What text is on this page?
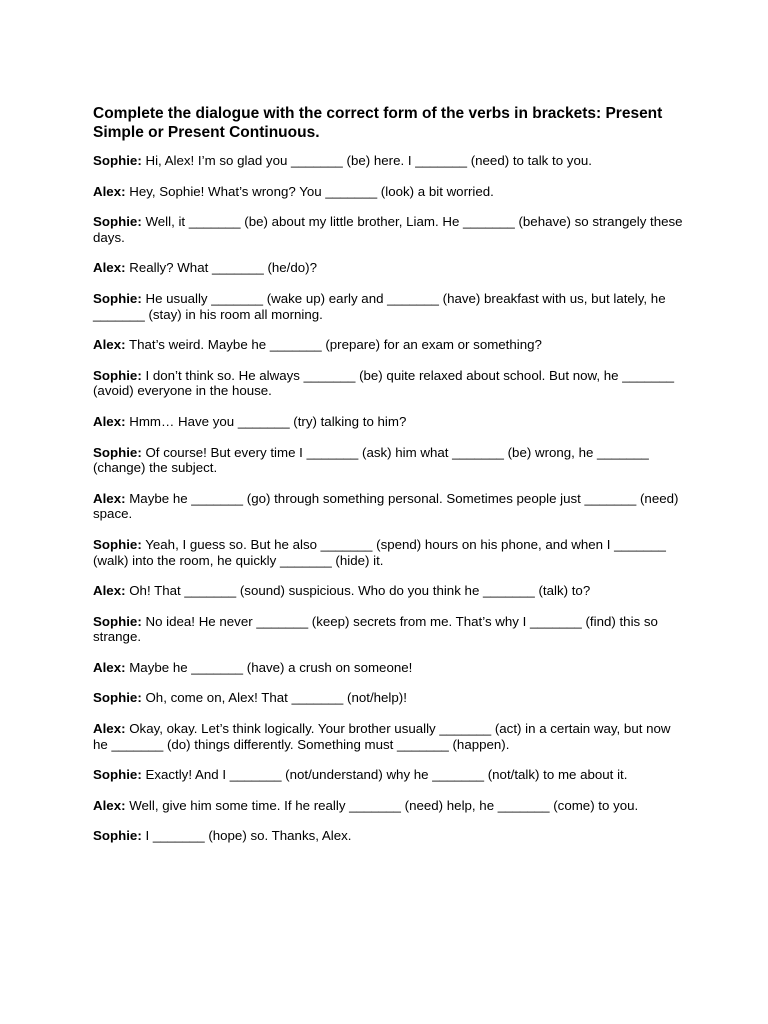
Complete the dialogue with the correct form of the verbs in brackets: Present Simple or Present Continuous.

Sophie: Hi, Alex! I’m so glad you _______ (be) here. I _______ (need) to talk to you.

Alex: Hey, Sophie! What’s wrong? You _______ (look) a bit worried.

Sophie: Well, it _______ (be) about my little brother, Liam. He _______ (behave) so strangely these days.

Alex: Really? What _______ (he/do)?

Sophie: He usually _______ (wake up) early and _______ (have) breakfast with us, but lately, he _______ (stay) in his room all morning.

Alex: That’s weird. Maybe he _______ (prepare) for an exam or something?

Sophie: I don’t think so. He always _______ (be) quite relaxed about school. But now, he _______ (avoid) everyone in the house.

Alex: Hmm… Have you _______ (try) talking to him?

Sophie: Of course! But every time I _______ (ask) him what _______ (be) wrong, he _______ (change) the subject.

Alex: Maybe he _______ (go) through something personal. Sometimes people just _______ (need) space.

Sophie: Yeah, I guess so. But he also _______ (spend) hours on his phone, and when I _______ (walk) into the room, he quickly _______ (hide) it.

Alex: Oh! That _______ (sound) suspicious. Who do you think he _______ (talk) to?

Sophie: No idea! He never _______ (keep) secrets from me. That’s why I _______ (find) this so strange.

Alex: Maybe he _______ (have) a crush on someone!

Sophie: Oh, come on, Alex! That _______ (not/help)!

Alex: Okay, okay. Let’s think logically. Your brother usually _______ (act) in a certain way, but now he _______ (do) things differently. Something must _______ (happen).

Sophie: Exactly! And I _______ (not/understand) why he _______ (not/talk) to me about it.

Alex: Well, give him some time. If he really _______ (need) help, he _______ (come) to you.

Sophie: I _______ (hope) so. Thanks, Alex.
